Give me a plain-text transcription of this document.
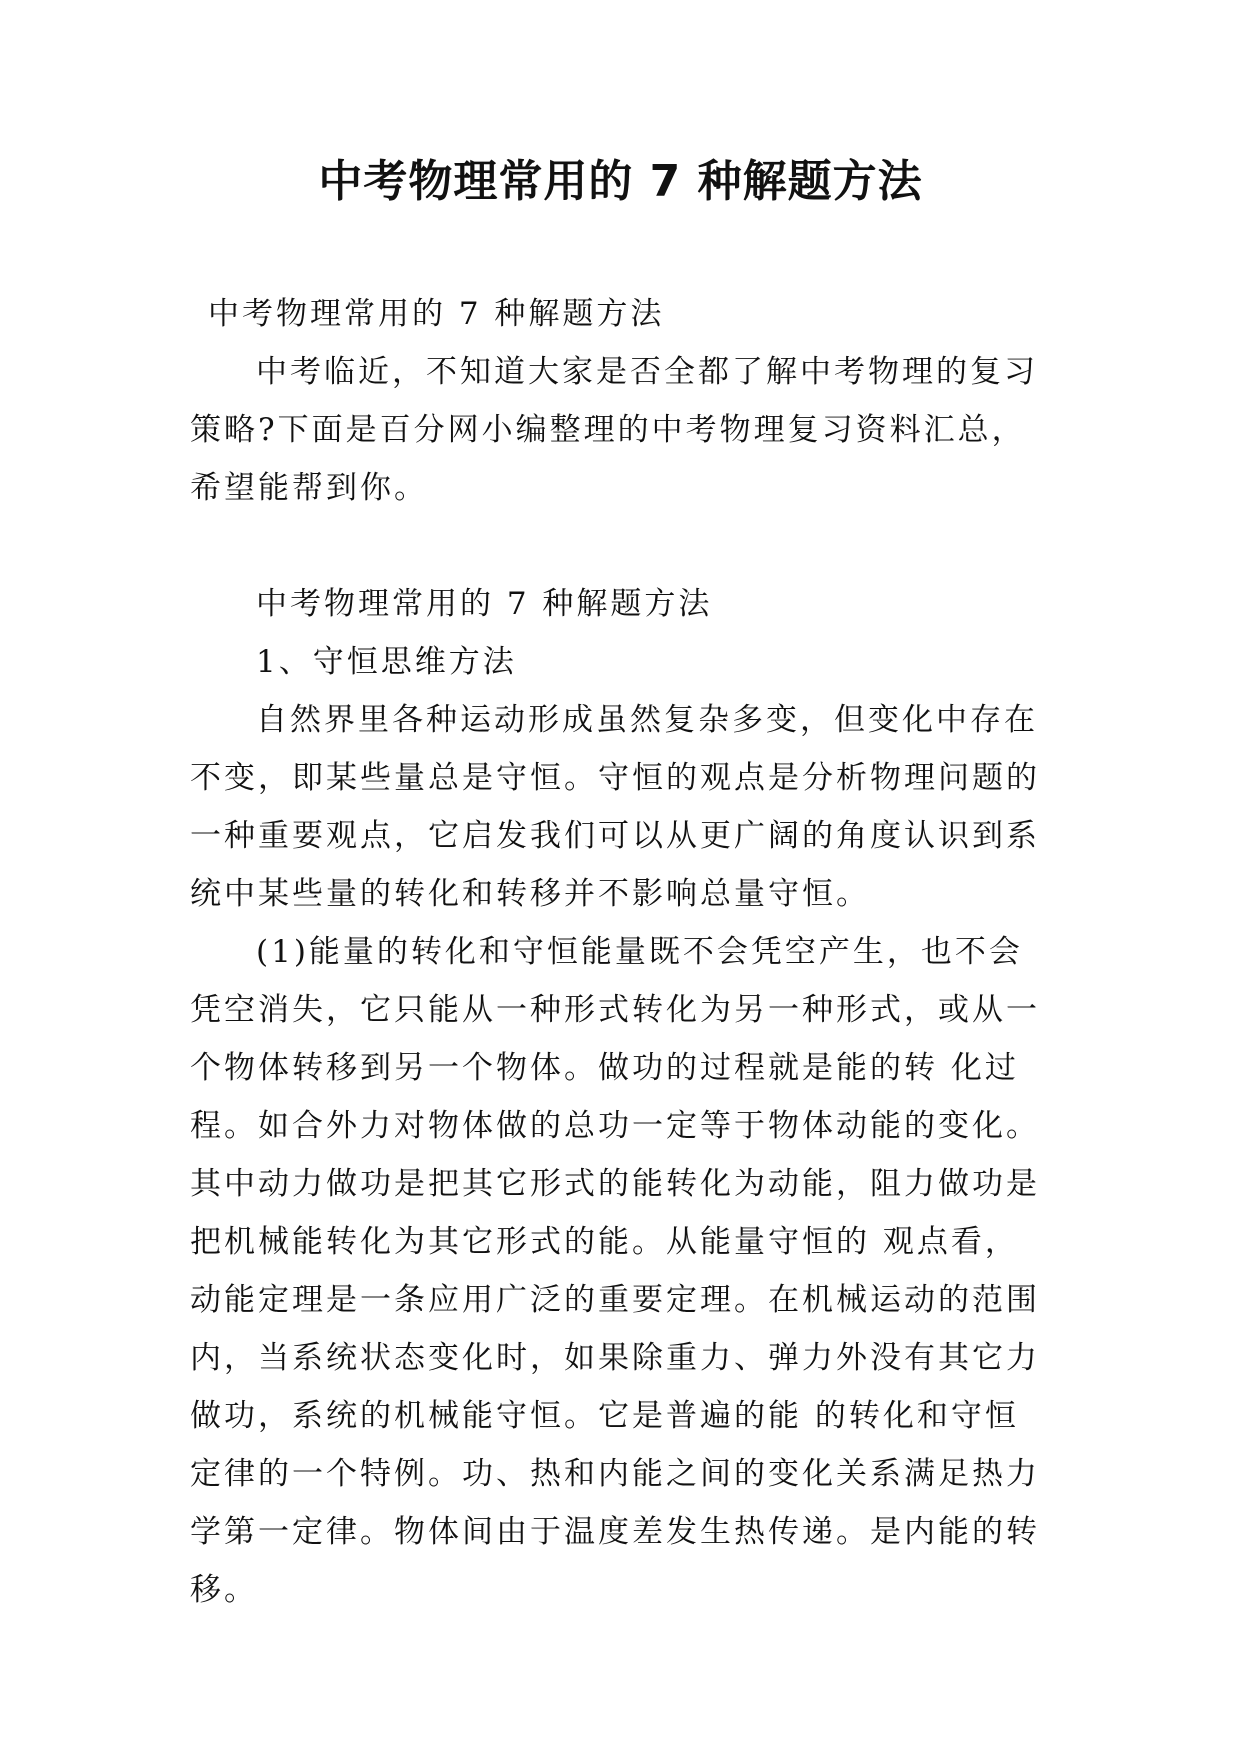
中考物理常用的 7 种解题方法

中考物理常用的 7 种解题方法

中考临近，不知道大家是否全都了解中考物理的复习策略?下面是百分网小编整理的中考物理复习资料汇总，希望能帮到你。

中考物理常用的 7 种解题方法

1、守恒思维方法

自然界里各种运动形成虽然复杂多变，但变化中存在不变，即某些量总是守恒。守恒的观点是分析物理问题的一种重要观点，它启发我们可以从更广阔的角度认识到系统中某些量的转化和转移并不影响总量守恒。

(1)能量的转化和守恒能量既不会凭空产生，也不会凭空消失，它只能从一种形式转化为另一种形式，或从一个物体转移到另一个物体。做功的过程就是能的转 化过程。如合外力对物体做的总功一定等于物体动能的变化。其中动力做功是把其它形式的能转化为动能，阻力做功是把机械能转化为其它形式的能。从能量守恒的 观点看，动能定理是一条应用广泛的重要定理。在机械运动的范围内，当系统状态变化时，如果除重力、弹力外没有其它力做功，系统的机械能守恒。它是普遍的能 的转化和守恒定律的一个特例。功、热和内能之间的变化关系满足热力学第一定律。物体间由于温度差发生热传递。是内能的转移。
